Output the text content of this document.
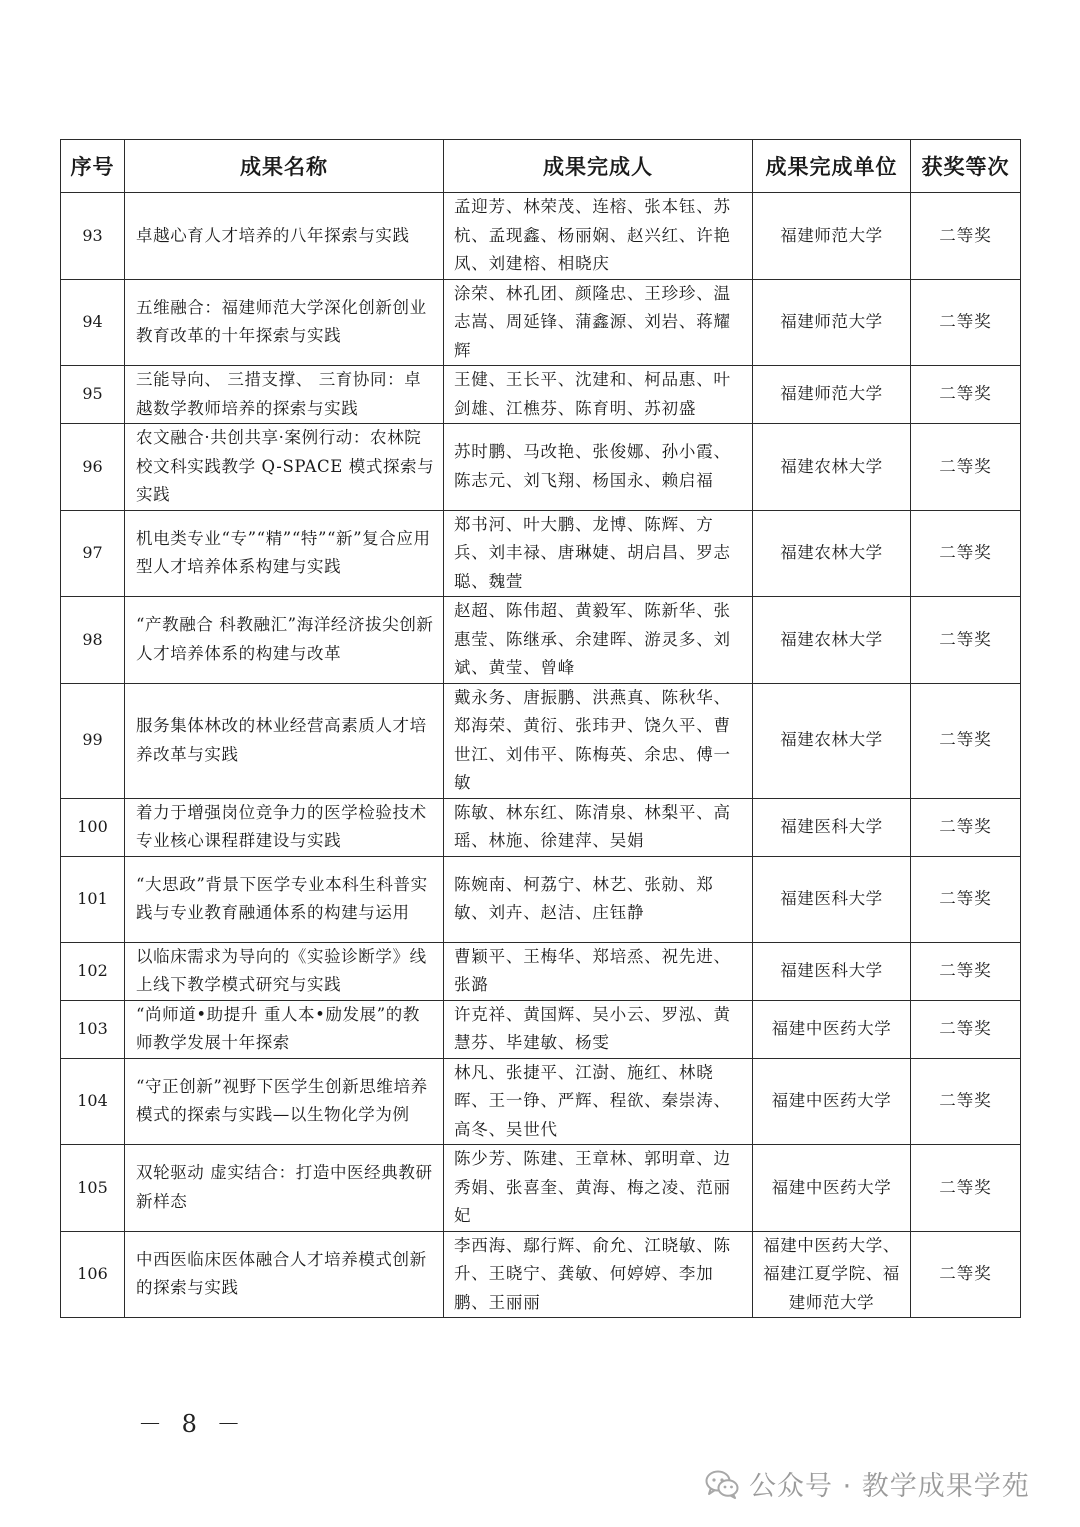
序号	成果名称	成果完成人	成果完成单位	获奖等次
93	卓越心育人才培养的八年探索与实践	孟迎芳、林荣茂、连榕、张本钰、苏杭、孟现鑫、杨丽娴、赵兴红、许艳凤、刘建榕、相晓庆	福建师范大学	二等奖
94	五维融合：福建师范大学深化创新创业教育改革的十年探索与实践	涂荣、林孔团、颜隆忠、王珍珍、温志嵩、周延锋、蒲鑫源、刘岩、蒋耀辉	福建师范大学	二等奖
95	三能导向、 三措支撑、 三育协同：卓越数学教师培养的探索与实践	王健、王长平、沈建和、柯品惠、叶剑雄、江樵芬、陈育明、苏初盛	福建师范大学	二等奖
96	农文融合·共创共享·案例行动：农林院校文科实践教学 Q-SPACE 模式探索与实践	苏时鹏、马改艳、张俊娜、孙小霞、陈志元、刘飞翔、杨国永、赖启福	福建农林大学	二等奖
97	机电类专业“专”“精”“特”“新”复合应用型人才培养体系构建与实践	郑书河、叶大鹏、龙博、陈辉、方兵、刘丰禄、唐琳婕、胡启昌、罗志聪、魏萱	福建农林大学	二等奖
98	“产教融合 科教融汇”海洋经济拔尖创新人才培养体系的构建与改革	赵超、陈伟超、黄毅军、陈新华、张惠莹、陈继承、余建晖、游灵多、刘斌、黄莹、曾峰	福建农林大学	二等奖
99	服务集体林改的林业经营高素质人才培养改革与实践	戴永务、唐振鹏、洪燕真、陈秋华、郑海荣、黄衍、张玮尹、饶久平、曹世江、刘伟平、陈梅英、余忠、傅一敏	福建农林大学	二等奖
100	着力于增强岗位竞争力的医学检验技术专业核心课程群建设与实践	陈敏、林东红、陈清泉、林梨平、高瑶、林施、徐建萍、吴娟	福建医科大学	二等奖
101	“大思政”背景下医学专业本科生科普实践与专业教育融通体系的构建与运用	陈婉南、柯荔宁、林艺、张勍、郑敏、刘卉、赵洁、庄钰静	福建医科大学	二等奖
102	以临床需求为导向的《实验诊断学》线上线下教学模式研究与实践	曹颖平、王梅华、郑培烝、祝先进、张潞	福建医科大学	二等奖
103	“尚师道•助提升 重人本•励发展”的教师教学发展十年探索	许克祥、黄国辉、吴小云、罗泓、黄慧芬、毕建敏、杨雯	福建中医药大学	二等奖
104	“守正创新”视野下医学生创新思维培养模式的探索与实践—以生物化学为例	林凡、张捷平、江澍、施红、林晓晖、王一铮、严辉、程欲、秦崇涛、高冬、吴世代	福建中医药大学	二等奖
105	双轮驱动 虚实结合：打造中医经典教研新样态	陈少芳、陈建、王章林、郭明章、边秀娟、张喜奎、黄海、梅之凌、范丽妃	福建中医药大学	二等奖
106	中西医临床医体融合人才培养模式创新的探索与实践	李西海、鄢行辉、俞允、江晓敏、陈升、王晓宁、龚敏、何婷婷、李加鹏、王丽丽	福建中医药大学、福建江夏学院、福建师范大学	二等奖
－ 8 －
公众号 · 教学成果学苑
